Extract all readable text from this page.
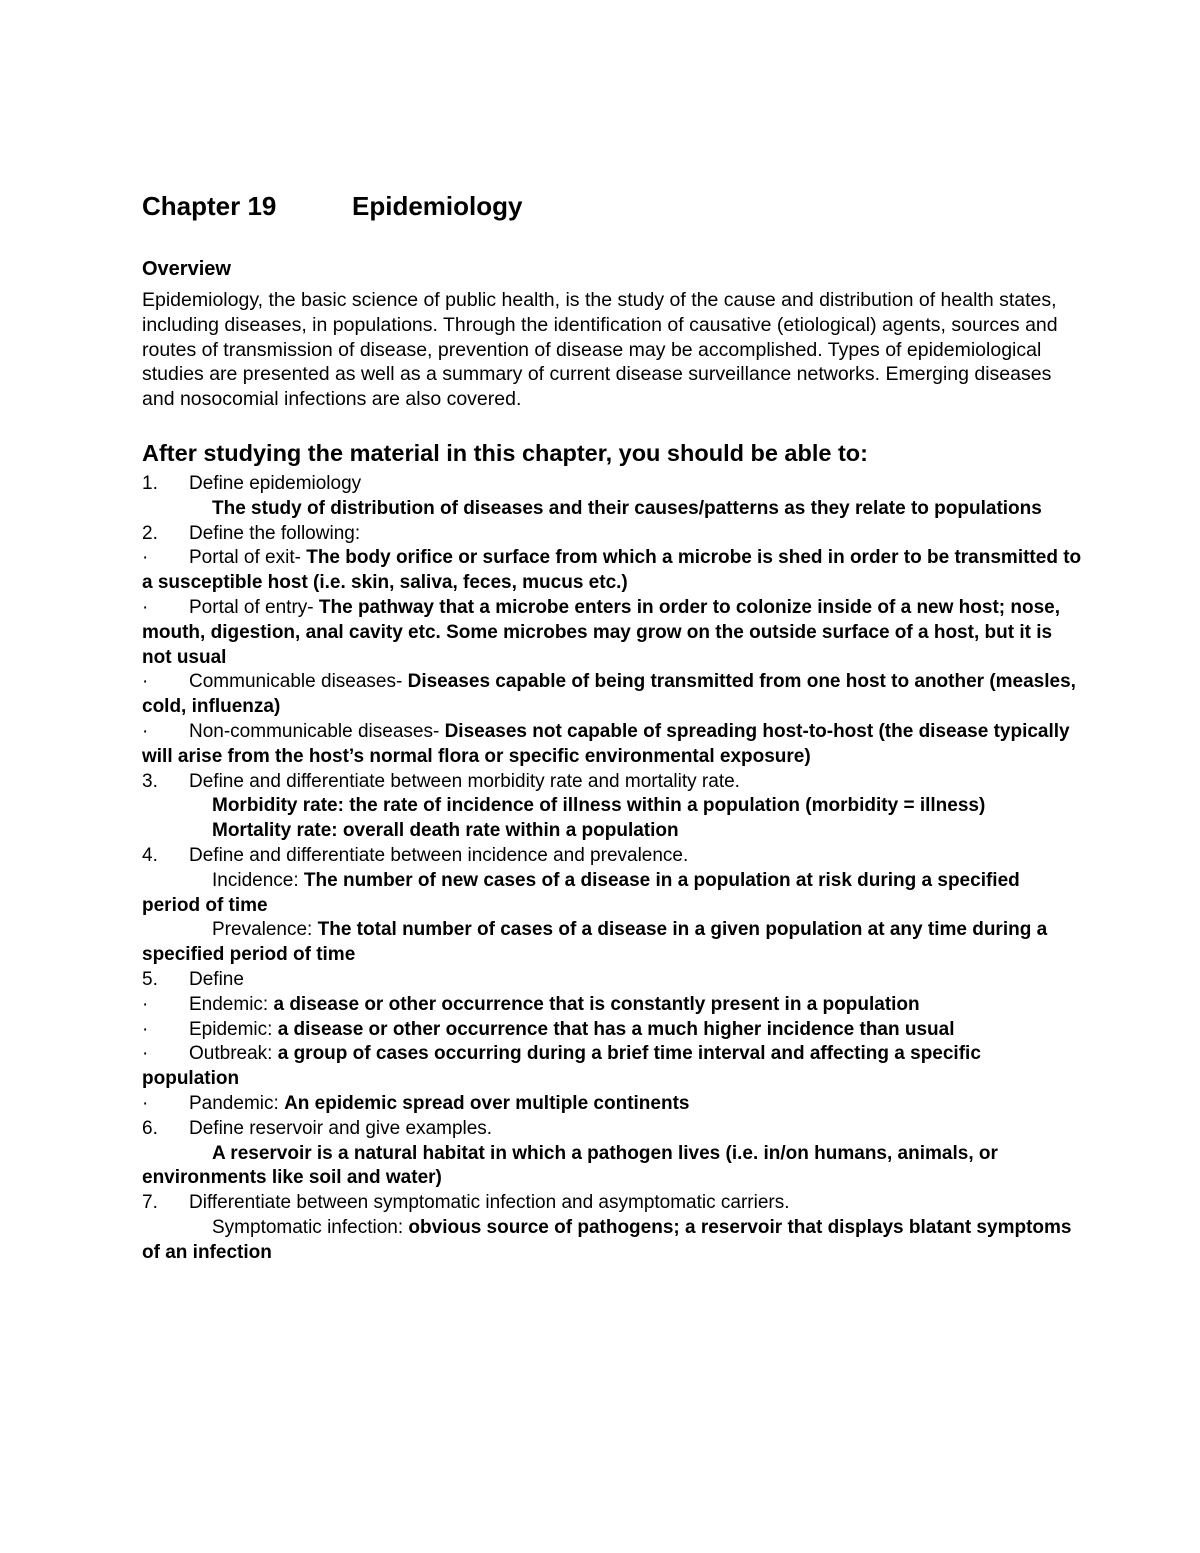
Chapter 19	Epidemiology
Overview

Epidemiology, the basic science of public health, is the study of the cause and distribution of health states, including diseases, in populations. Through the identification of causative (etiological) agents, sources and routes of transmission of disease, prevention of disease may be accomplished. Types of epidemiological studies are presented as well as a summary of current disease surveillance networks. Emerging diseases and nosocomial infections are also covered.

After studying the material in this chapter, you should be able to:

1. Define epidemiology

The study of distribution of diseases and their causes/patterns as they relate to populations

2. Define the following:

· Portal of exit- The body orifice or surface from which a microbe is shed in order to be transmitted to a susceptible host (i.e. skin, saliva, feces, mucus etc.)

· Portal of entry- The pathway that a microbe enters in order to colonize inside of a new host; nose, mouth, digestion, anal cavity etc. Some microbes may grow on the outside surface of a host, but it is not usual

· Communicable diseases- Diseases capable of being transmitted from one host to another (measles, cold, influenza)

· Non-communicable diseases- Diseases not capable of spreading host-to-host (the disease typically will arise from the host’s normal flora or specific environmental exposure)

3. Define and differentiate between morbidity rate and mortality rate.

Morbidity rate: the rate of incidence of illness within a population (morbidity = illness)

Mortality rate: overall death rate within a population

4. Define and differentiate between incidence and prevalence.

Incidence: The number of new cases of a disease in a population at risk during a specified period of time

Prevalence: The total number of cases of a disease in a given population at any time during a specified period of time

5. Define

· Endemic: a disease or other occurrence that is constantly present in a population

· Epidemic: a disease or other occurrence that has a much higher incidence than usual

· Outbreak: a group of cases occurring during a brief time interval and affecting a specific population

· Pandemic: An epidemic spread over multiple continents

6. Define reservoir and give examples.

A reservoir is a natural habitat in which a pathogen lives (i.e. in/on humans, animals, or environments like soil and water)

7. Differentiate between symptomatic infection and asymptomatic carriers.

Symptomatic infection: obvious source of pathogens; a reservoir that displays blatant symptoms of an infection
